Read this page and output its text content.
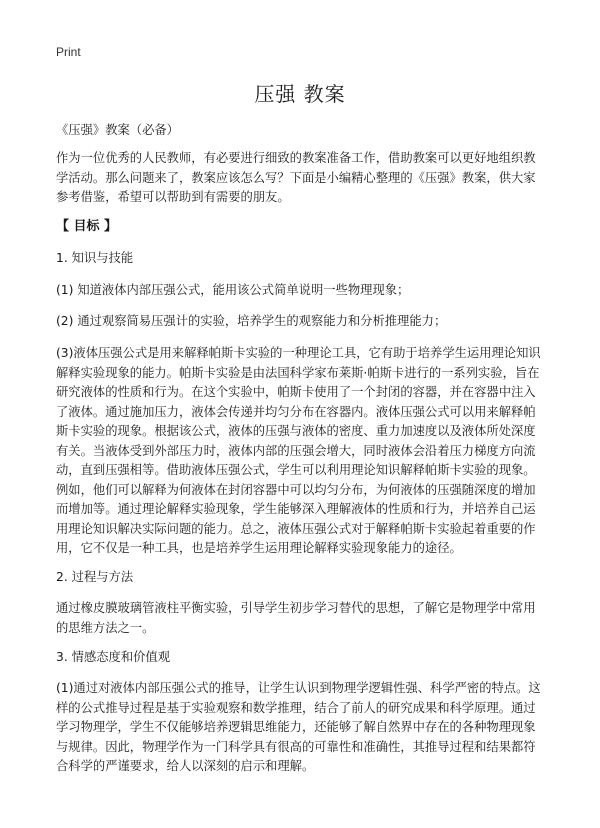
Print
压强 教案

《压强》教案（必备）

作为一位优秀的人民教师，有必要进行细致的教案准备工作，借助教案可以更好地组织教学活动。那么问题来了，教案应该怎么写？下面是小编精心整理的《压强》教案，供大家参考借鉴，希望可以帮助到有需要的朋友。

【 目标 】

1. 知识与技能

(1) 知道液体内部压强公式，能用该公式简单说明一些物理现象；

(2) 通过观察简易压强计的实验，培养学生的观察能力和分析推理能力；

(3)液体压强公式是用来解释帕斯卡实验的一种理论工具，它有助于培养学生运用理论知识解释实验现象的能力。帕斯卡实验是由法国科学家布莱斯·帕斯卡进行的一系列实验，旨在研究液体的性质和行为。在这个实验中，帕斯卡使用了一个封闭的容器，并在容器中注入了液体。通过施加压力，液体会传递并均匀分布在容器内。液体压强公式可以用来解释帕斯卡实验的现象。根据该公式，液体的压强与液体的密度、重力加速度以及液体所处深度有关。当液体受到外部压力时，液体内部的压强会增大，同时液体会沿着压力梯度方向流动，直到压强相等。借助液体压强公式，学生可以利用理论知识解释帕斯卡实验的现象。例如，他们可以解释为何液体在封闭容器中可以均匀分布，为何液体的压强随深度的增加而增加等。通过理论解释实验现象，学生能够深入理解液体的性质和行为，并培养自己运用理论知识解决实际问题的能力。总之，液体压强公式对于解释帕斯卡实验起着重要的作用，它不仅是一种工具，也是培养学生运用理论解释实验现象能力的途径。

2. 过程与方法

通过橡皮膜玻璃管液柱平衡实验，引导学生初步学习替代的思想，了解它是物理学中常用的思维方法之一。

3. 情感态度和价值观

(1)通过对液体内部压强公式的推导，让学生认识到物理学逻辑性强、科学严密的特点。这样的公式推导过程是基于实验观察和数学推理，结合了前人的研究成果和科学原理。通过学习物理学，学生不仅能够培养逻辑思维能力，还能够了解自然界中存在的各种物理现象与规律。因此，物理学作为一门科学具有很高的可靠性和准确性，其推导过程和结果都符合科学的严谨要求，给人以深刻的启示和理解。
